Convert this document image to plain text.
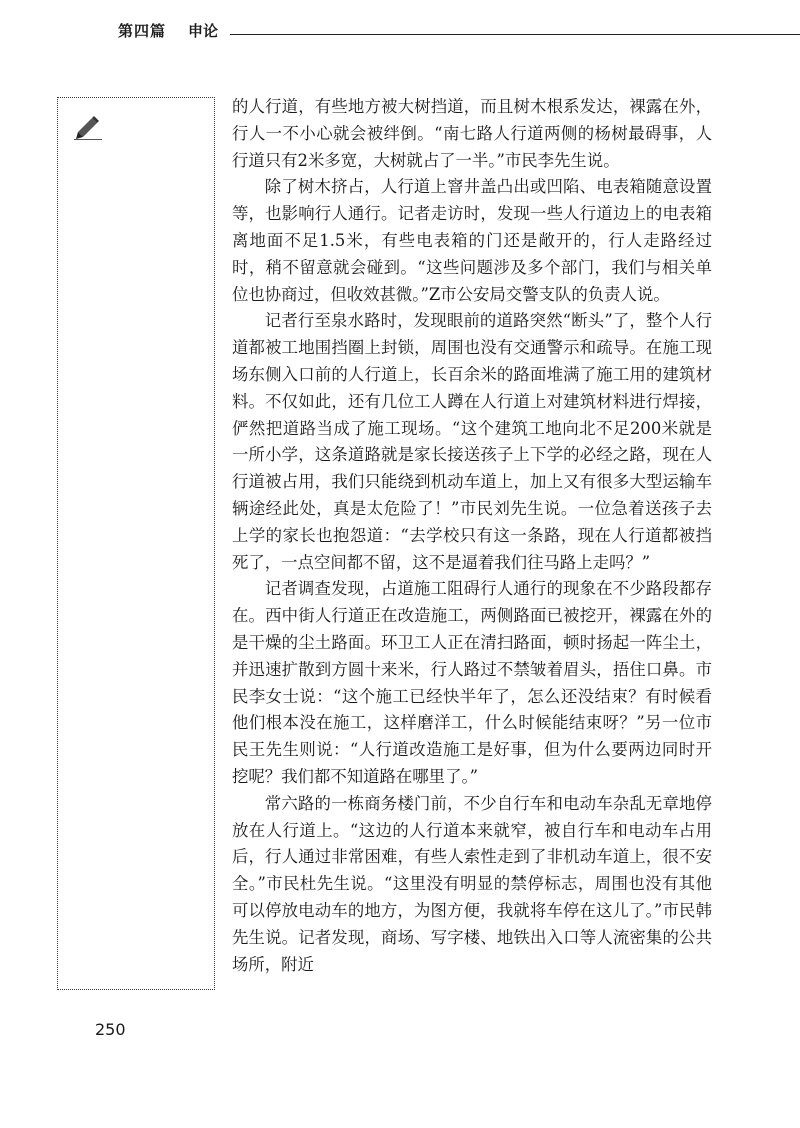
第四篇 申论

的人行道，有些地方被大树挡道，而且树木根系发达，裸露在外，行人一不小心就会被绊倒。“南七路人行道两侧的杨树最碍事，人行道只有2米多宽，大树就占了一半。”市民李先生说。

除了树木挤占，人行道上窨井盖凸出或凹陷、电表箱随意设置等，也影响行人通行。记者走访时，发现一些人行道边上的电表箱离地面不足1.5米，有些电表箱的门还是敞开的，行人走路经过时，稍不留意就会碰到。“这些问题涉及多个部门，我们与相关单位也协商过，但收效甚微。”Z市公安局交警支队的负责人说。

记者行至泉水路时，发现眼前的道路突然“断头”了，整个人行道都被工地围挡圈上封锁，周围也没有交通警示和疏导。在施工现场东侧入口前的人行道上，长百余米的路面堆满了施工用的建筑材料。不仅如此，还有几位工人蹲在人行道上对建筑材料进行焊接，俨然把道路当成了施工现场。“这个建筑工地向北不足200米就是一所小学，这条道路就是家长接送孩子上下学的必经之路，现在人行道被占用，我们只能绕到机动车道上，加上又有很多大型运输车辆途经此处，真是太危险了！”市民刘先生说。一位急着送孩子去上学的家长也抱怨道：“去学校只有这一条路，现在人行道都被挡死了，一点空间都不留，这不是逼着我们往马路上走吗？”

记者调查发现，占道施工阻碍行人通行的现象在不少路段都存在。西中街人行道正在改造施工，两侧路面已被挖开，裸露在外的是干燥的尘土路面。环卫工人正在清扫路面，顿时扬起一阵尘土，并迅速扩散到方圆十来米，行人路过不禁皱着眉头，捂住口鼻。市民李女士说：“这个施工已经快半年了，怎么还没结束？有时候看他们根本没在施工，这样磨洋工，什么时候能结束呀？”另一位市民王先生则说：“人行道改造施工是好事，但为什么要两边同时开挖呢？我们都不知道路在哪里了。”

常六路的一栋商务楼门前，不少自行车和电动车杂乱无章地停放在人行道上。“这边的人行道本来就窄，被自行车和电动车占用后，行人通过非常困难，有些人索性走到了非机动车道上，很不安全。”市民杜先生说。“这里没有明显的禁停标志，周围也没有其他可以停放电动车的地方，为图方便，我就将车停在这儿了。”市民韩先生说。记者发现，商场、写字楼、地铁出入口等人流密集的公共场所，附近

250
